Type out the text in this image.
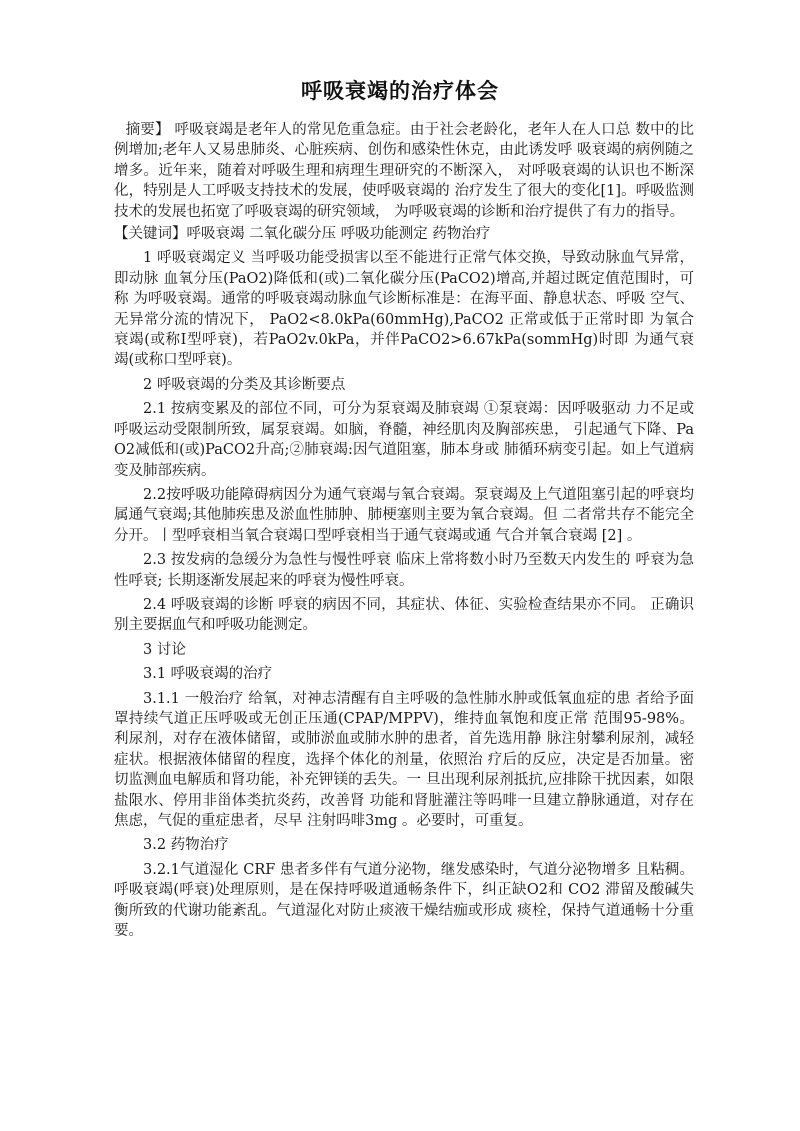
呼吸衰竭的治疗体会

摘要】 呼吸衰竭是老年人的常见危重急症。由于社会老龄化，老年人在人口总 数中的比例增加;老年人又易患肺炎、心脏疾病、创伤和感染性休克，由此诱发呼 吸衰竭的病例随之增多。近年来，随着对呼吸生理和病理生理研究的不断深入， 对呼吸衰竭的认识也不断深化，特别是人工呼吸支持技术的发展，使呼吸衰竭的 治疗发生了很大的变化[1]。呼吸监测技术的发展也拓宽了呼吸衰竭的研究领域， 为呼吸衰竭的诊断和治疗提供了有力的指导。

【关键词】呼吸衰竭 二氧化碳分压 呼吸功能测定 药物治疗

1 呼吸衰竭定义 当呼吸功能受损害以至不能进行正常气体交换，导致动脉血气异常，即动脉 血氧分压(PaO2)降低和(或)二氧化碳分压(PaCO2)增高,并超过既定值范围时，可称 为呼吸衰竭。通常的呼吸衰竭动脉血气诊断标准是：在海平面、静息状态、呼吸 空气、无异常分流的情况下， PaO2<8.0kPa(60mmHg),PaCO2 正常或低于正常时即 为氧合衰竭(或称I型呼衰)，若PaO2v.0kPa，并伴PaCO2>6.67kPa(sommHg)时即 为通气衰竭(或称口型呼衰)。

2 呼吸衰竭的分类及其诊断要点

2.1 按病变累及的部位不同，可分为泵衰竭及肺衰竭 ①泵衰竭：因呼吸驱动 力不足或呼吸运动受限制所致，属泵衰竭。如脑，脊髓，神经肌肉及胸部疾患， 引起通气下降、PaO2减低和(或)PaCO2升高;②肺衰竭:因气道阻塞，肺本身或 肺循环病变引起。如上气道病变及肺部疾病。

2.2按呼吸功能障碍病因分为通气衰竭与氧合衰竭。泵衰竭及上气道阻塞引起的呼衰均属通气衰竭;其他肺疾患及淤血性肺肿、肺梗塞则主要为氧合衰竭。但 二者常共存不能完全分开。丨型呼衰相当氧合衰竭口型呼衰相当于通气衰竭或通 气合并氧合衰竭 [2] 。

2.3 按发病的急缓分为急性与慢性呼衰 临床上常将数小时乃至数天内发生的 呼衰为急性呼衰; 长期逐渐发展起来的呼衰为慢性呼衰。

2.4 呼吸衰竭的诊断 呼衰的病因不同，其症状、体征、实验检查结果亦不同。 正确识别主要据血气和呼吸功能测定。

3 讨论

3.1 呼吸衰竭的治疗

3.1.1 一般治疗 给氧，对神志清醒有自主呼吸的急性肺水肿或低氧血症的患 者给予面罩持续气道正压呼吸或无创正压通(CPAP/MPPV)，维持血氧饱和度正常 范围95-98%。利尿剂，对存在液体储留，或肺淤血或肺水肿的患者，首先选用静 脉注射攀利尿剂，减轻症状。根据液体储留的程度，选择个体化的剂量，依照治 疗后的反应，决定是否加量。密切监测血电解质和肾功能，补充钾镁的丢失。一 旦出现利尿剂抵抗,应排除干扰因素，如限盐限水、停用非甾体类抗炎药，改善肾 功能和肾脏灌注等吗啡一旦建立静脉通道，对存在焦虑，气促的重症患者，尽早 注射吗啡3mg 。必要时，可重复。

3.2 药物治疗

3.2.1气道湿化 CRF 患者多伴有气道分泌物，继发感染时，气道分泌物增多 且粘稠。呼吸衰竭(呼衰)处理原则，是在保持呼吸道通畅条件下，纠正缺O2和 CO2 滞留及酸碱失衡所致的代谢功能紊乱。气道湿化对防止痰液干燥结痂或形成 痰栓，保持气道通畅十分重要。
